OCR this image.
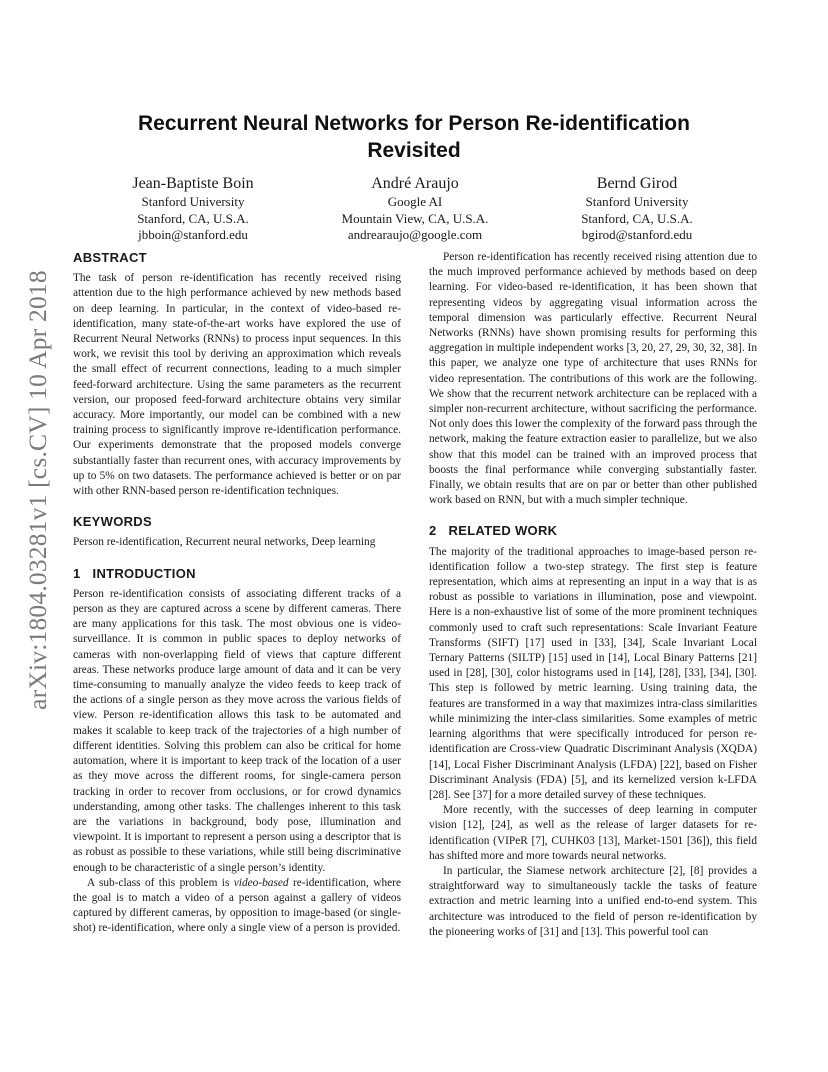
arXiv:1804.03281v1 [cs.CV] 10 Apr 2018
Recurrent Neural Networks for Person Re-identification Revisited
Jean-Baptiste Boin
Stanford University
Stanford, CA, U.S.A.
jbboin@stanford.edu
André Araujo
Google AI
Mountain View, CA, U.S.A.
andrearaujo@google.com
Bernd Girod
Stanford University
Stanford, CA, U.S.A.
bgirod@stanford.edu
ABSTRACT

The task of person re-identification has recently received rising attention due to the high performance achieved by new methods based on deep learning. In particular, in the context of video-based re-identification, many state-of-the-art works have explored the use of Recurrent Neural Networks (RNNs) to process input sequences. In this work, we revisit this tool by deriving an approximation which reveals the small effect of recurrent connections, leading to a much simpler feed-forward architecture. Using the same parameters as the recurrent version, our proposed feed-forward architecture obtains very similar accuracy. More importantly, our model can be combined with a new training process to significantly improve re-identification performance. Our experiments demonstrate that the proposed models converge substantially faster than recurrent ones, with accuracy improvements by up to 5% on two datasets. The performance achieved is better or on par with other RNN-based person re-identification techniques.

KEYWORDS

Person re-identification, Recurrent neural networks, Deep learning

1 INTRODUCTION

Person re-identification consists of associating different tracks of a person as they are captured across a scene by different cameras. There are many applications for this task. The most obvious one is video-surveillance. It is common in public spaces to deploy networks of cameras with non-overlapping field of views that capture different areas. These networks produce large amount of data and it can be very time-consuming to manually analyze the video feeds to keep track of the actions of a single person as they move across the various fields of view. Person re-identification allows this task to be automated and makes it scalable to keep track of the trajectories of a high number of different identities. Solving this problem can also be critical for home automation, where it is important to keep track of the location of a user as they move across the different rooms, for single-camera person tracking in order to recover from occlusions, or for crowd dynamics understanding, among other tasks. The challenges inherent to this task are the variations in background, body pose, illumination and viewpoint. It is important to represent a person using a descriptor that is as robust as possible to these variations, while still being discriminative enough to be characteristic of a single person’s identity.

A sub-class of this problem is video-based re-identification, where the goal is to match a video of a person against a gallery of videos captured by different cameras, by opposition to image-based (or single-shot) re-identification, where only a single view of a person is provided.

Person re-identification has recently received rising attention due to the much improved performance achieved by methods based on deep learning. For video-based re-identification, it has been shown that representing videos by aggregating visual information across the temporal dimension was particularly effective. Recurrent Neural Networks (RNNs) have shown promising results for performing this aggregation in multiple independent works [3, 20, 27, 29, 30, 32, 38]. In this paper, we analyze one type of architecture that uses RNNs for video representation. The contributions of this work are the following. We show that the recurrent network architecture can be replaced with a simpler non-recurrent architecture, without sacrificing the performance. Not only does this lower the complexity of the forward pass through the network, making the feature extraction easier to parallelize, but we also show that this model can be trained with an improved process that boosts the final performance while converging substantially faster. Finally, we obtain results that are on par or better than other published work based on RNN, but with a much simpler technique.

2 RELATED WORK

The majority of the traditional approaches to image-based person re-identification follow a two-step strategy. The first step is feature representation, which aims at representing an input in a way that is as robust as possible to variations in illumination, pose and viewpoint. Here is a non-exhaustive list of some of the more prominent techniques commonly used to craft such representations: Scale Invariant Feature Transforms (SIFT) [17] used in [33], [34], Scale Invariant Local Ternary Patterns (SILTP) [15] used in [14], Local Binary Patterns [21] used in [28], [30], color histograms used in [14], [28], [33], [34], [30]. This step is followed by metric learning. Using training data, the features are transformed in a way that maximizes intra-class similarities while minimizing the inter-class similarities. Some examples of metric learning algorithms that were specifically introduced for person re-identification are Cross-view Quadratic Discriminant Analysis (XQDA) [14], Local Fisher Discriminant Analysis (LFDA) [22], based on Fisher Discriminant Analysis (FDA) [5], and its kernelized version k-LFDA [28]. See [37] for a more detailed survey of these techniques.

More recently, with the successes of deep learning in computer vision [12], [24], as well as the release of larger datasets for re-identification (VIPeR [7], CUHK03 [13], Market-1501 [36]), this field has shifted more and more towards neural networks.

In particular, the Siamese network architecture [2], [8] provides a straightforward way to simultaneously tackle the tasks of feature extraction and metric learning into a unified end-to-end system. This architecture was introduced to the field of person re-identification by the pioneering works of [31] and [13]. This powerful tool can
